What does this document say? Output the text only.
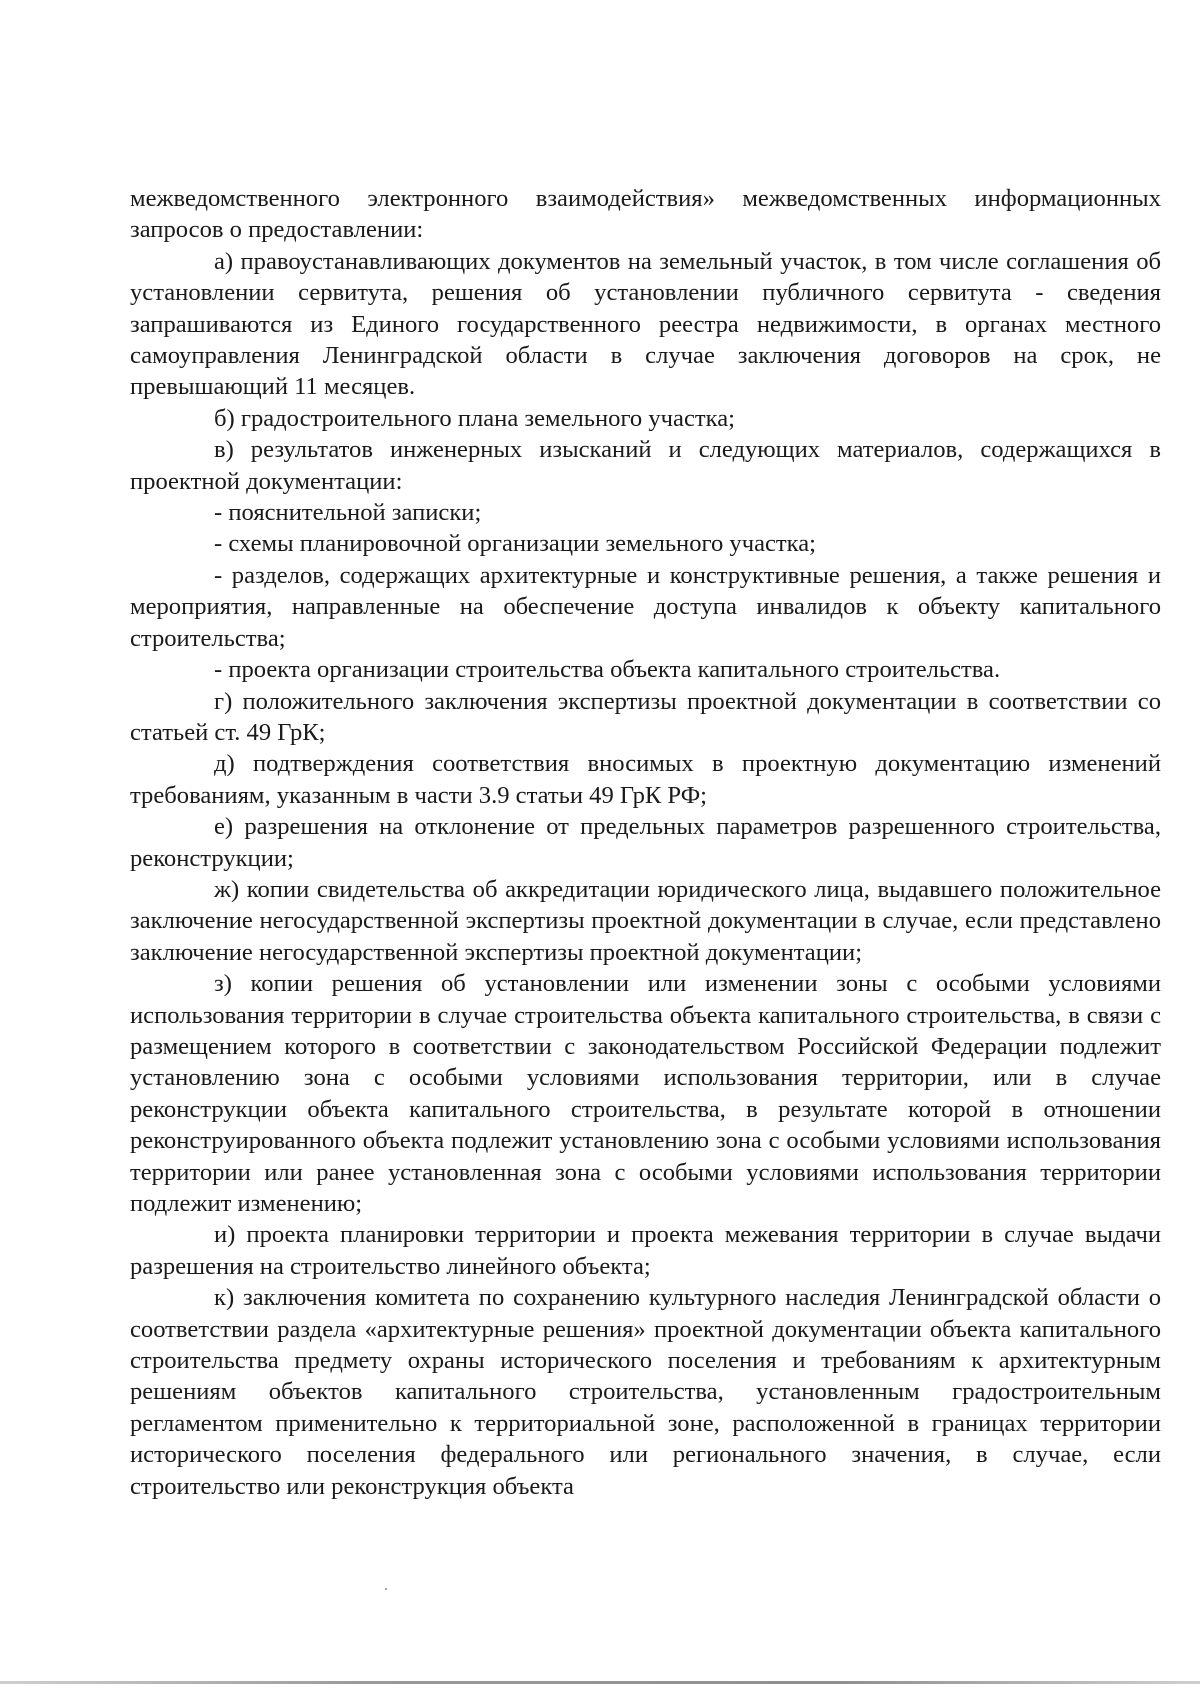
межведомственного электронного взаимодействия» межведомственных информационных запросов о предоставлении:

а) правоустанавливающих документов на земельный участок, в том числе соглашения об установлении сервитута, решения об установлении публичного сервитута - сведения запрашиваются из Единого государственного реестра недвижимости, в органах местного самоуправления Ленинградской области в случае заключения договоров на срок, не превышающий 11 месяцев.

б) градостроительного плана земельного участка;

в) результатов инженерных изысканий и следующих материалов, содержащихся в проектной документации:

- пояснительной записки;

- схемы планировочной организации земельного участка;

- разделов, содержащих архитектурные и конструктивные решения, а также решения и мероприятия, направленные на обеспечение доступа инвалидов к объекту капитального строительства;

- проекта организации строительства объекта капитального строительства.

г) положительного заключения экспертизы проектной документации в соответствии со статьей ст. 49 ГрК;

д) подтверждения соответствия вносимых в проектную документацию изменений требованиям, указанным в части 3.9 статьи 49 ГрК РФ;

е) разрешения на отклонение от предельных параметров разрешенного строительства, реконструкции;

ж) копии свидетельства об аккредитации юридического лица, выдавшего положительное заключение негосударственной экспертизы проектной документации в случае, если представлено заключение негосударственной экспертизы проектной документации;

з) копии решения об установлении или изменении зоны с особыми условиями использования территории в случае строительства объекта капитального строительства, в связи с размещением которого в соответствии с законодательством Российской Федерации подлежит установлению зона с особыми условиями использования территории, или в случае реконструкции объекта капитального строительства, в результате которой в отношении реконструированного объекта подлежит установлению зона с особыми условиями использования территории или ранее установленная зона с особыми условиями использования территории подлежит изменению;

и) проекта планировки территории и проекта межевания территории в случае выдачи разрешения на строительство линейного объекта;

к) заключения комитета по сохранению культурного наследия Ленинградской области о соответствии раздела «архитектурные решения» проектной документации объекта капитального строительства предмету охраны исторического поселения и требованиям к архитектурным решениям объектов капитального строительства, установленным градостроительным регламентом применительно к территориальной зоне, расположенной в границах территории исторического поселения федерального или регионального значения, в случае, если строительство или реконструкция объекта
